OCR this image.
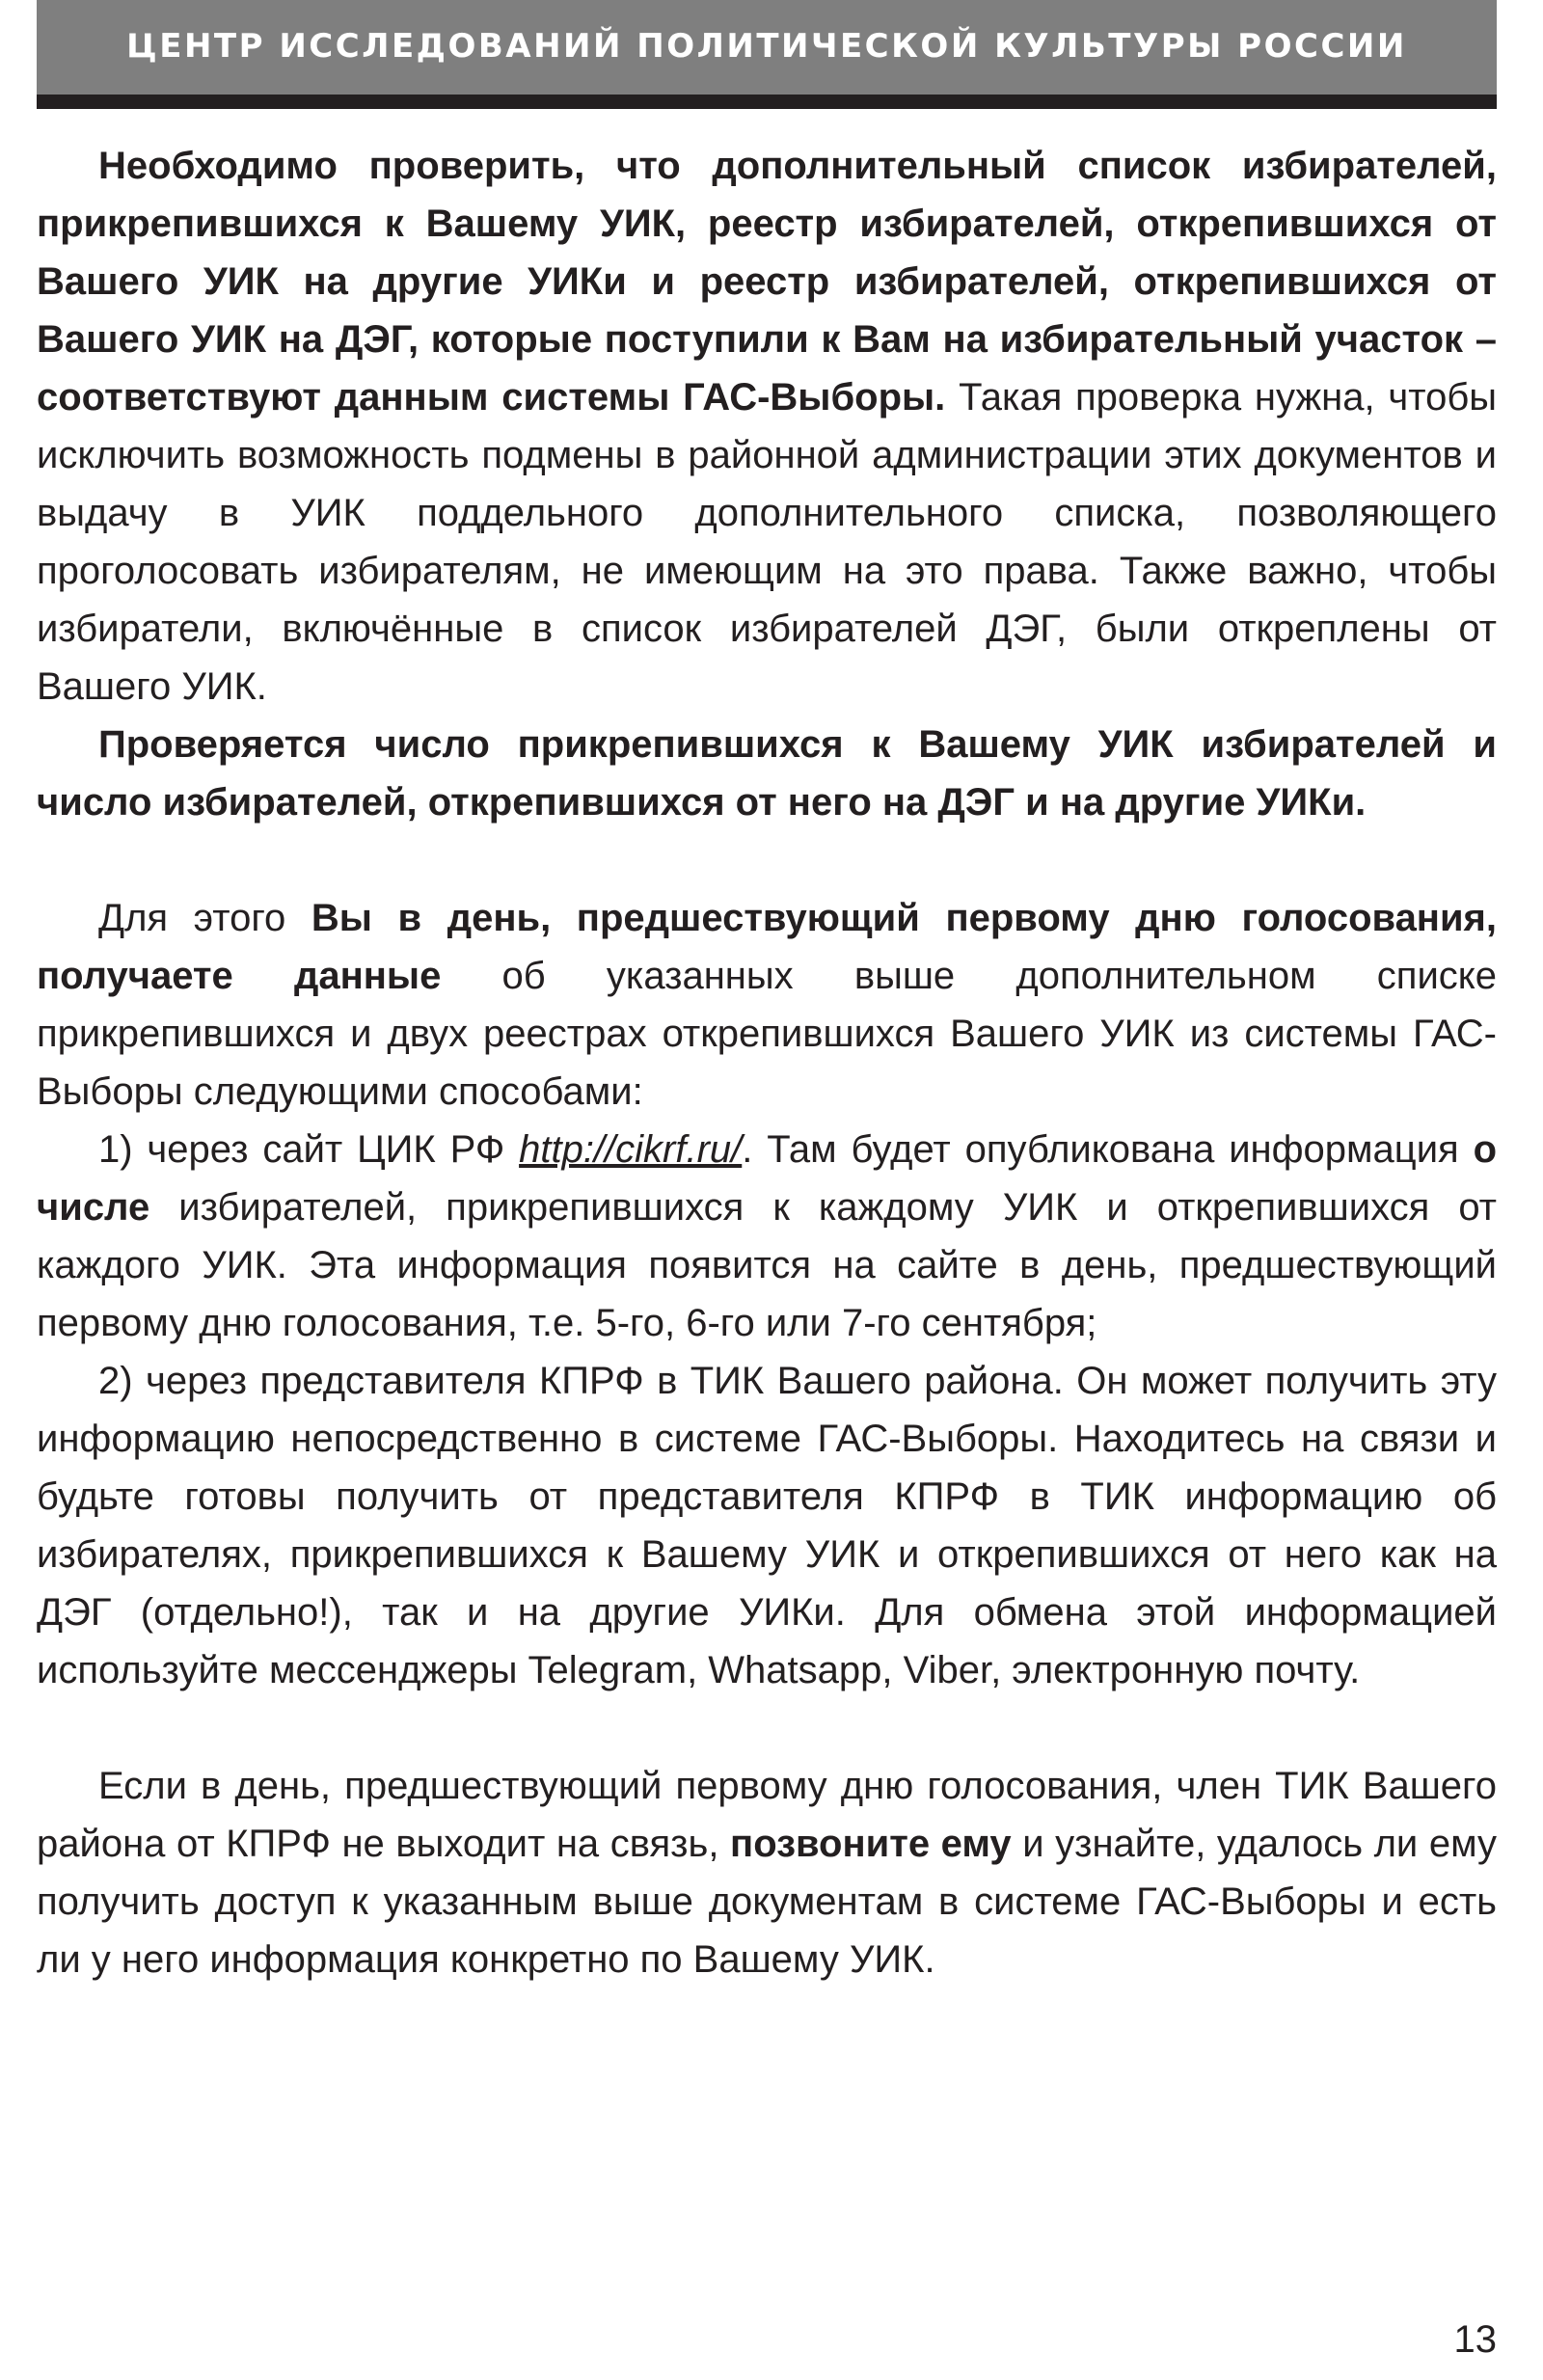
ЦЕНТР ИССЛЕДОВАНИЙ ПОЛИТИЧЕСКОЙ КУЛЬТУРЫ РОССИИ

Необходимо проверить, что дополнительный список избирателей, прикрепившихся к Вашему УИК, реестр избирателей, открепившихся от Вашего УИК на другие УИКи и реестр избирателей, открепившихся от Вашего УИК на ДЭГ, которые поступили к Вам на избирательный участок – соответствуют данным системы ГАС-Выборы. Такая проверка нужна, чтобы исключить возможность подмены в районной администрации этих документов и выдачу в УИК поддельного дополнительного списка, позволяющего проголосовать избирателям, не имеющим на это права. Также важно, чтобы избиратели, включённые в список избирателей ДЭГ, были откреплены от Вашего УИК.

Проверяется число прикрепившихся к Вашему УИК избирателей и число избирателей, открепившихся от него на ДЭГ и на другие УИКи.

Для этого Вы в день, предшествующий первому дню голосования, получаете данные об указанных выше дополнительном списке прикрепившихся и двух реестрах открепившихся Вашего УИК из системы ГАС-Выборы следующими способами:

1) через сайт ЦИК РФ http://cikrf.ru/. Там будет опубликована информация о числе избирателей, прикрепившихся к каждому УИК и открепившихся от каждого УИК. Эта информация появится на сайте в день, предшествующий первому дню голосования, т.е. 5-го, 6-го или 7-го сентября;

2) через представителя КПРФ в ТИК Вашего района. Он может получить эту информацию непосредственно в системе ГАС-Выборы. Находитесь на связи и будьте готовы получить от представителя КПРФ в ТИК информацию об избирателях, прикрепившихся к Вашему УИК и открепившихся от него как на ДЭГ (отдельно!), так и на другие УИКи. Для обмена этой информацией используйте мессенджеры Telegram, Whatsapp, Viber, электронную почту.

Если в день, предшествующий первому дню голосования, член ТИК Вашего района от КПРФ не выходит на связь, позвоните ему и узнайте, удалось ли ему получить доступ к указанным выше документам в системе ГАС-Выборы и есть ли у него информация конкретно по Вашему УИК.

13
